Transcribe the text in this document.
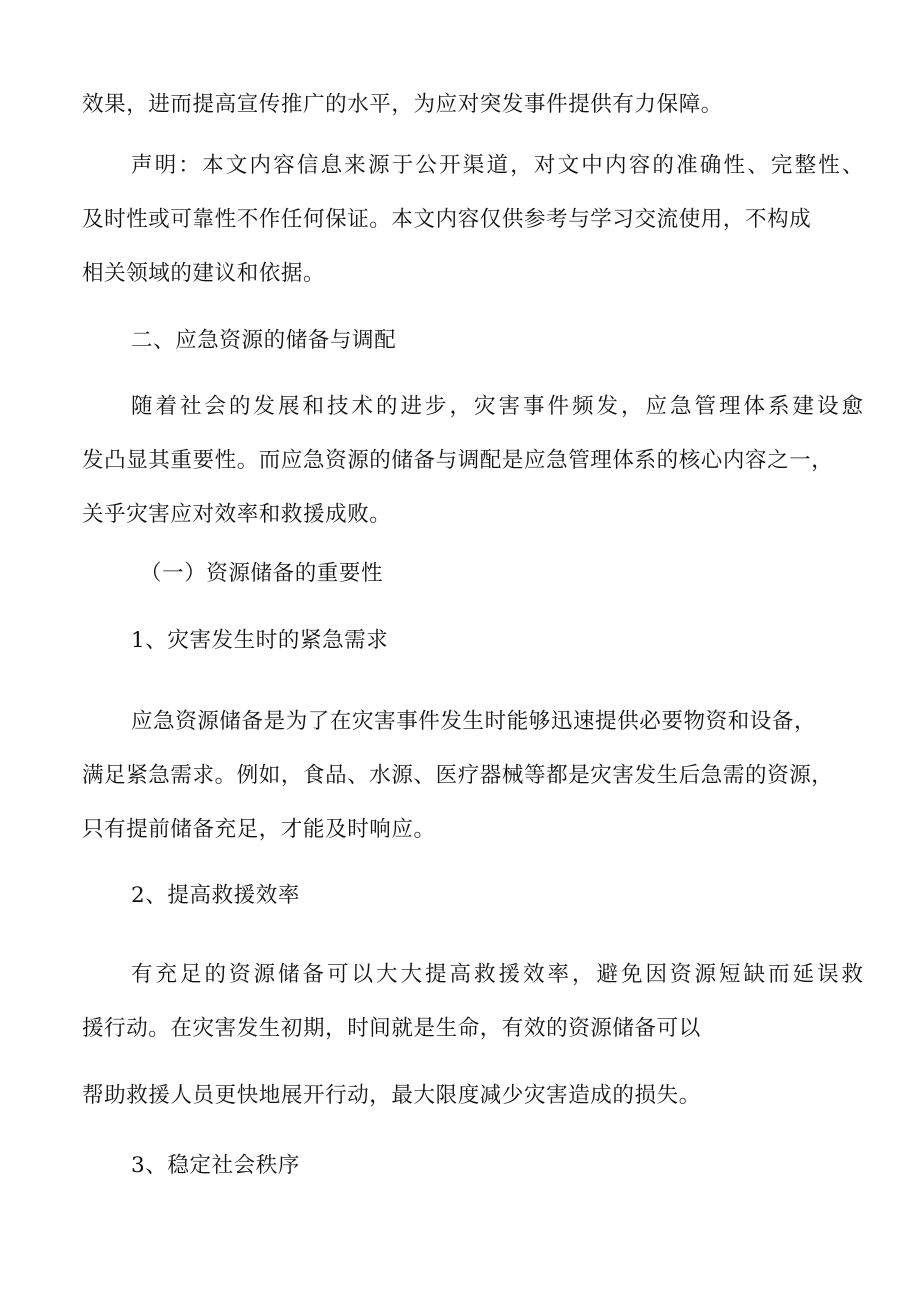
效果，进而提高宣传推广的水平，为应对突发事件提供有力保障。
声明：本文内容信息来源于公开渠道，对文中内容的准确性、完整性、
及时性或可靠性不作任何保证。本文内容仅供参考与学习交流使用，不构成
相关领域的建议和依据。
二、应急资源的储备与调配
随着社会的发展和技术的进步，灾害事件频发，应急管理体系建设愈
发凸显其重要性。而应急资源的储备与调配是应急管理体系的核心内容之一，
关乎灾害应对效率和救援成败。
（一）资源储备的重要性
1、灾害发生时的紧急需求
应急资源储备是为了在灾害事件发生时能够迅速提供必要物资和设备，
满足紧急需求。例如，食品、水源、医疗器械等都是灾害发生后急需的资源，
只有提前储备充足，才能及时响应。
2、提高救援效率
有充足的资源储备可以大大提高救援效率，避免因资源短缺而延误救
援行动。在灾害发生初期，时间就是生命，有效的资源储备可以
帮助救援人员更快地展开行动，最大限度减少灾害造成的损失。
3、稳定社会秩序
